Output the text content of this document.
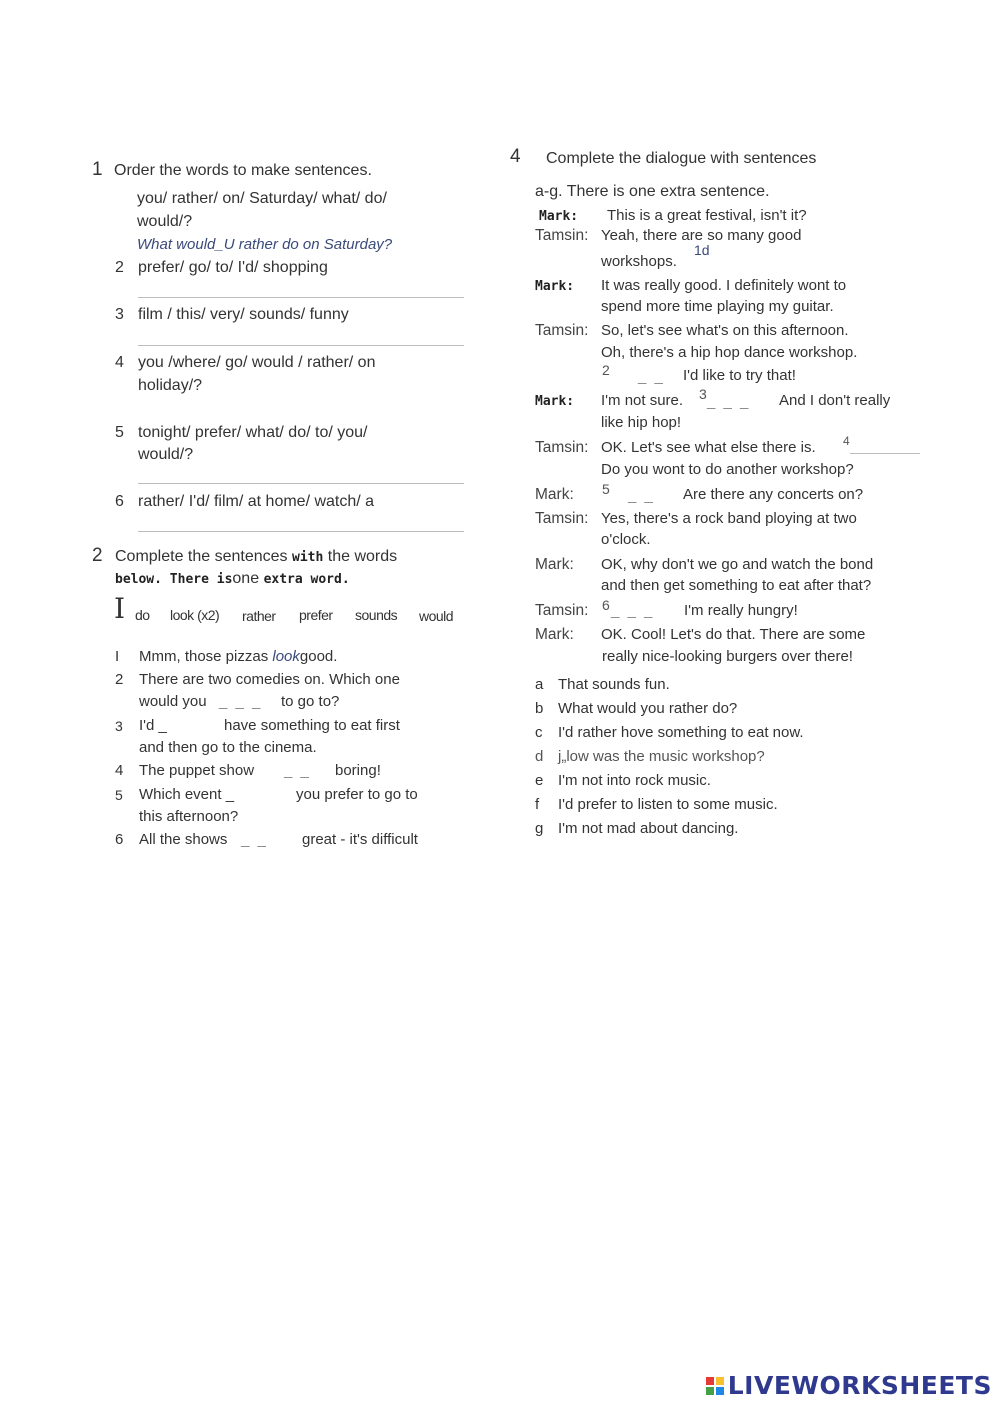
1 Order the words to make sentences.
you/ rather/ on/ Saturday/ what/ do/
would/?
What would_U rather do on Saturday?
2 prefer/ go/ to/ I'd/ shopping
3 film / this/ very/ sounds/ funny
4 you /where/ go/ would / rather/ on
holiday/?
5 tonight/ prefer/ what/ do/ to/ you/
would/?
6 rather/ I'd/ film/ at home/ watch/ a
2 Complete the sentences with the words
below. There isone extra word.
I do look (x2) rather prefer sounds would
I Mmm, those pizzas lookgood.
2 There are two comedies on. Which one
would you _ _ _ to go to?
3 I'd _	have something to eat first
and then go to the cinema.
4 The puppet show _ _ boring!
5 Which event _	you prefer to go to
this afternoon?
6 All the shows _ _ great - it's difficult
4 Complete the dialogue with sentences
a-g. There is one extra sentence.
Mark: This is a great festival, isn't it?
Tamsin: Yeah, there are so many good
workshops.
1d
Mark: It was really good. I definitely wont to
spend more time playing my guitar.
Tamsin: So, let's see what's on this afternoon.
Oh, there's a hip hop dance workshop.
2 _ _ I'd like to try that!
Mark: I'm not sure. 3 _ _ _ And I don't really
like hip hop!
Tamsin: OK. Let's see what else there is. 4
Do you wont to do another workshop?
Mark: 5 _ _ Are there any concerts on?
Tamsin: Yes, there's a rock band ploying at two
o'clock.
Mark: OK, why don't we go and watch the bond
and then get something to eat after that?
Tamsin: 6 _ _ _ I'm really hungry!
Mark: OK. Cool! Let's do that. There are some
really nice-looking burgers over there!
a That sounds fun.
b What would you rather do?
c I'd rather hove something to eat now.
d j„low was the music workshop?
e I'm not into rock music.
f I'd prefer to listen to some music.
g I'm not mad about dancing.
LIVEWORKSHEETS
